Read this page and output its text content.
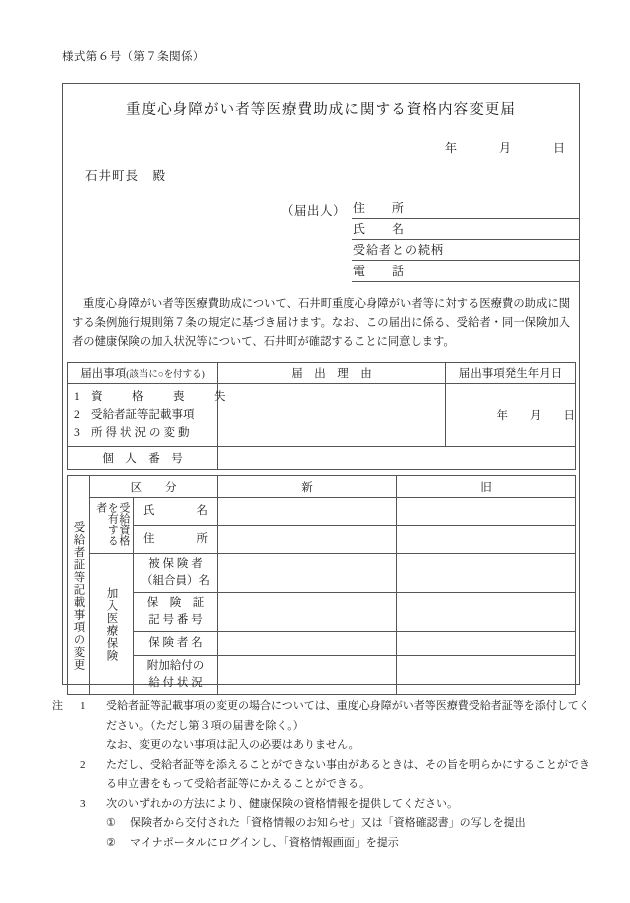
様式第６号（第７条関係）
重度心身障がい者等医療費助成に関する資格内容変更届
年	月	日
石井町長　殿
（届出人） 住　　所
氏　　名
受給者との続柄
電　　話
重度心身障がい者等医療費助成について、石井町重度心身障がい者等に対する医療費の助成に関する条例施行規則第７条の規定に基づき届けます。なお、この届出に係る、受給者・同一保険加入者の健康保険の加入状況等について、石井町が確認することに同意します。
届出事項(該当に○を付する)	届　出　理　由	届出事項発生年月日

1 資　格　喪　失
2 受給者証等記載事項
3 所得状況の変動		年 月 日
個　人　番　号		
	区　　分		新	旧

受給者証等記載事項の変更	受給資格を有する者	氏 名		

		住 所		

	加入医療保険	被 保 険 者
（組合員）名		

		保　険　証
記 号 番 号		

		保 険 者 名		

		附加給付の
給 付 状 況		

注	1	受給者証等記載事項の変更の場合については、重度心身障がい者等医療費受給者証等を添付してください。（ただし第３項の届書を除く。）
なお、変更のない事項は記入の必要はありません。
2	ただし、受給者証等を添えることができない事由があるときは、その旨を明らかにすることができる申立書をもって受給者証等にかえることができる。
3	次のいずれかの方法により、健康保険の資格情報を提供してください。
①	保険者から交付された「資格情報のお知らせ」又は「資格確認書」の写しを提出
②	マイナポータルにログインし、「資格情報画面」を提示
